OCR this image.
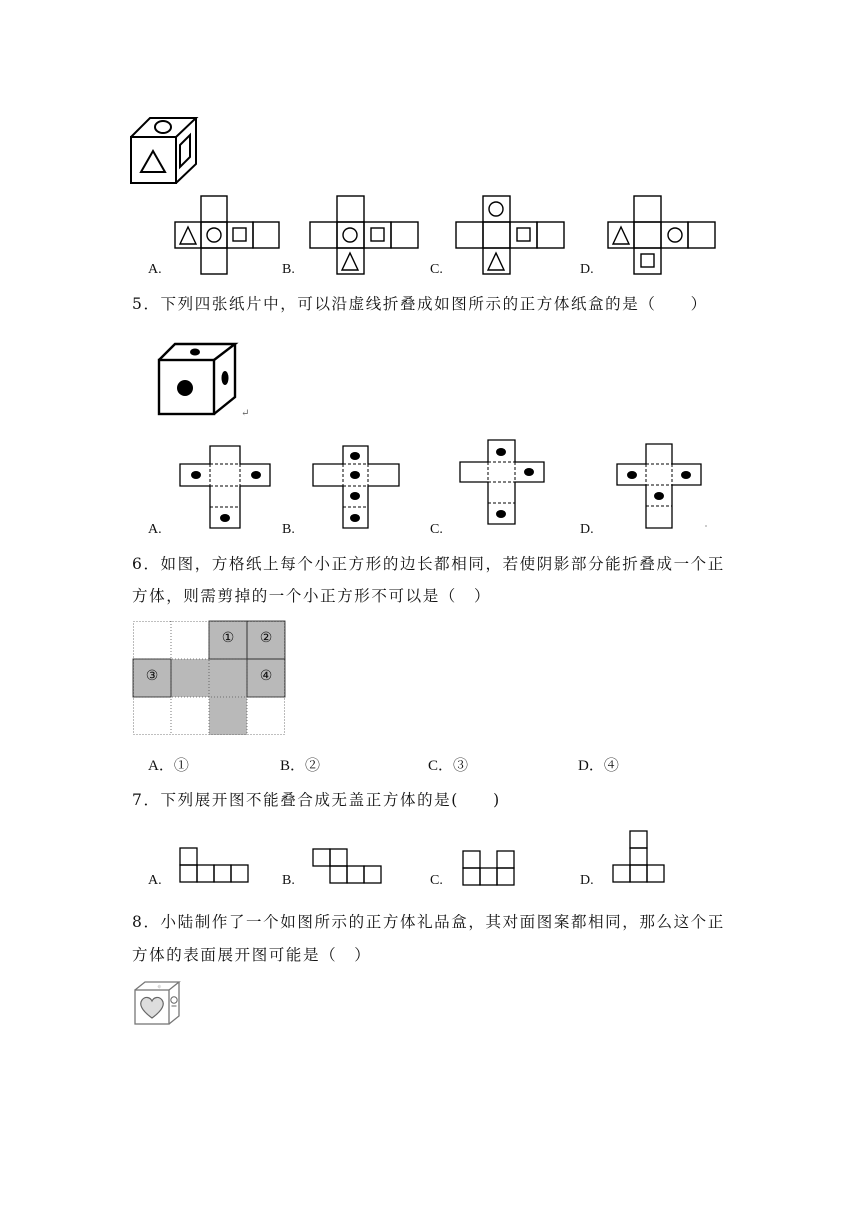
A.	B.	C.	D.
5．下列四张纸片中，可以沿虚线折叠成如图所示的正方体纸盒的是（　　）
↵
A.	B.	C.	D.
6．如图，方格纸上每个小正方形的边长都相同，若使阴影部分能折叠成一个正
方体，则需剪掉的一个小正方形不可以是（　）
①	②
③	④
A．①	B．②	C．③	D．④
7．下列展开图不能叠合成无盖正方体的是(　　)
A.	B.	C.	D.
8．小陆制作了一个如图所示的正方体礼品盒，其对面图案都相同，那么这个正
方体的表面展开图可能是（　）
☼
